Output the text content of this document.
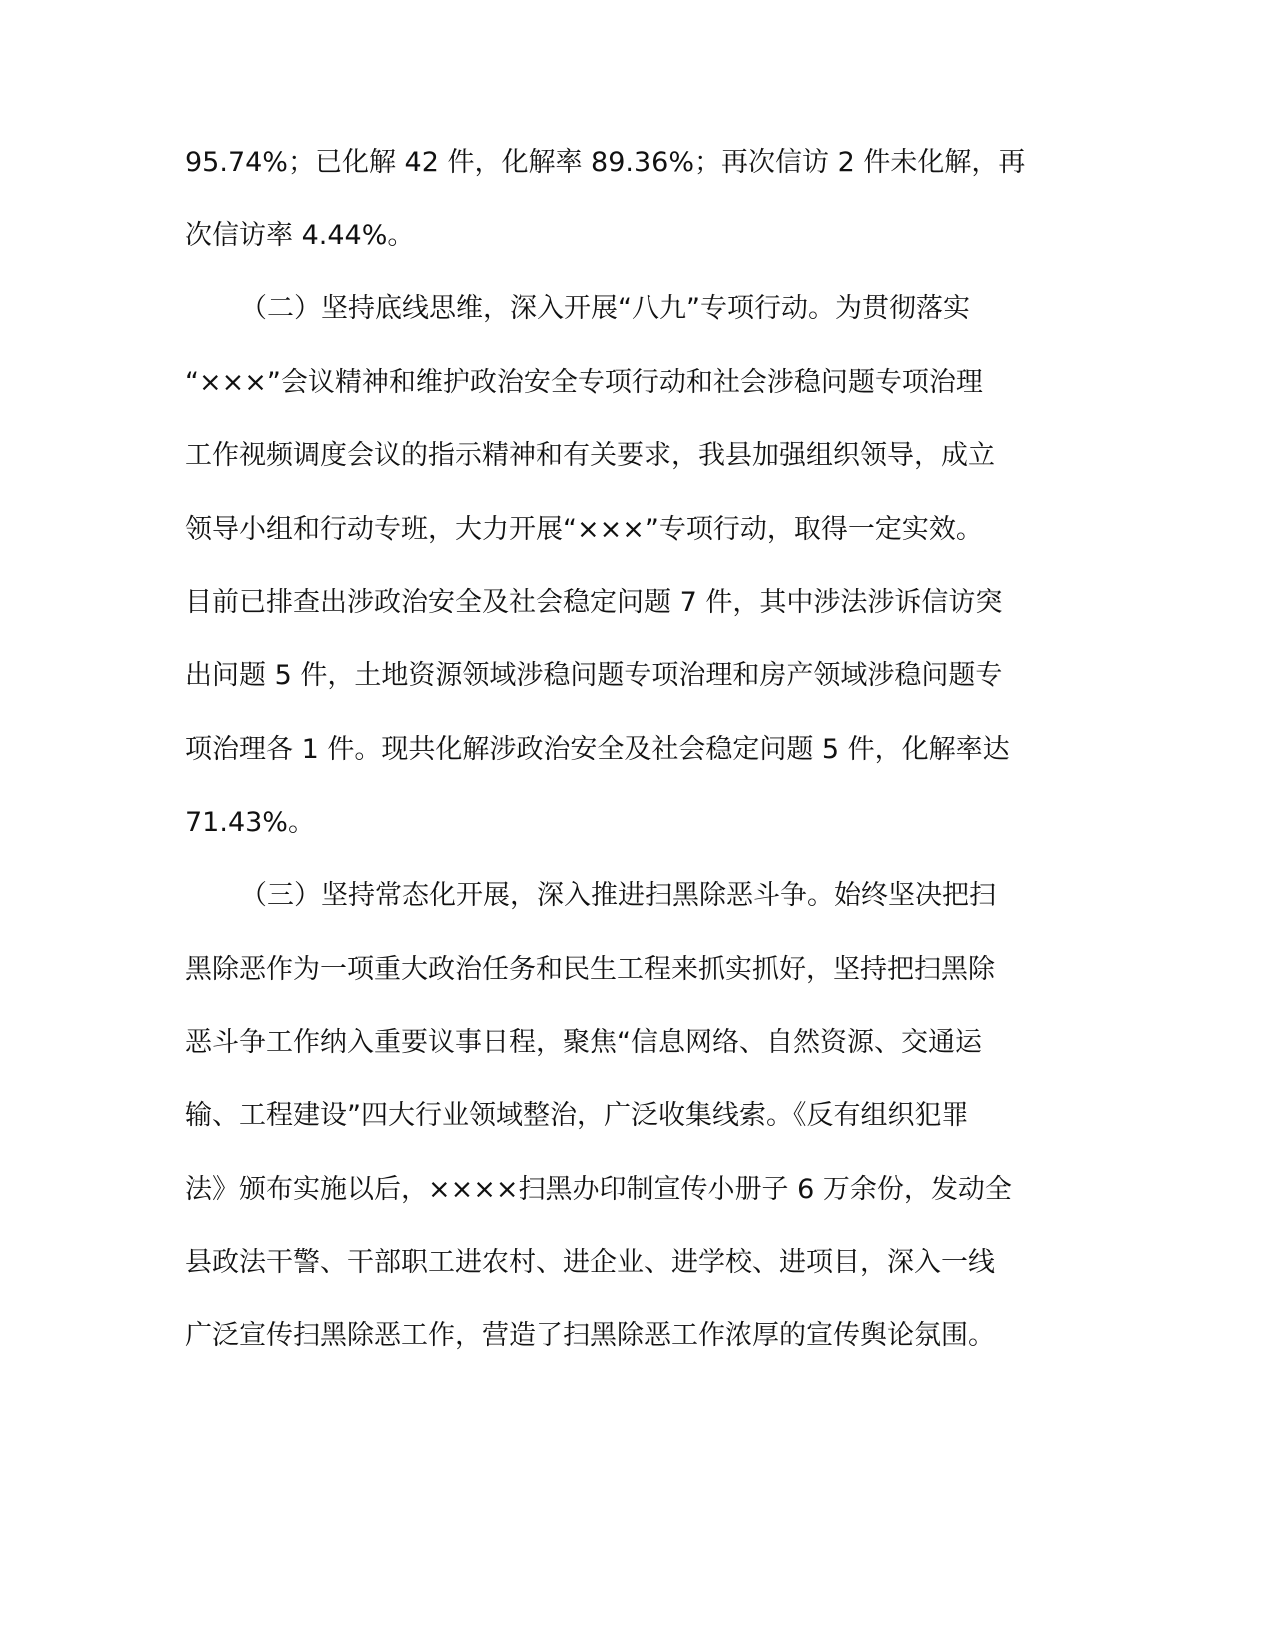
95.74%；已化解 42 件，化解率 89.36%；再次信访 2 件未化解，再
次信访率 4.44%。
（二）坚持底线思维，深入开展“八九”专项行动。为贯彻落实
“×××”会议精神和维护政治安全专项行动和社会涉稳问题专项治理
工作视频调度会议的指示精神和有关要求，我县加强组织领导，成立
领导小组和行动专班，大力开展“×××”专项行动，取得一定实效。
目前已排查出涉政治安全及社会稳定问题 7 件，其中涉法涉诉信访突
出问题 5 件，土地资源领域涉稳问题专项治理和房产领域涉稳问题专
项治理各 1 件。现共化解涉政治安全及社会稳定问题 5 件，化解率达
71.43%。
（三）坚持常态化开展，深入推进扫黑除恶斗争。始终坚决把扫
黑除恶作为一项重大政治任务和民生工程来抓实抓好，坚持把扫黑除
恶斗争工作纳入重要议事日程，聚焦“信息网络、自然资源、交通运
输、工程建设”四大行业领域整治，广泛收集线索。《反有组织犯罪
法》颁布实施以后，××××扫黑办印制宣传小册子 6 万余份，发动全
县政法干警、干部职工进农村、进企业、进学校、进项目，深入一线
广泛宣传扫黑除恶工作，营造了扫黑除恶工作浓厚的宣传舆论氛围。
